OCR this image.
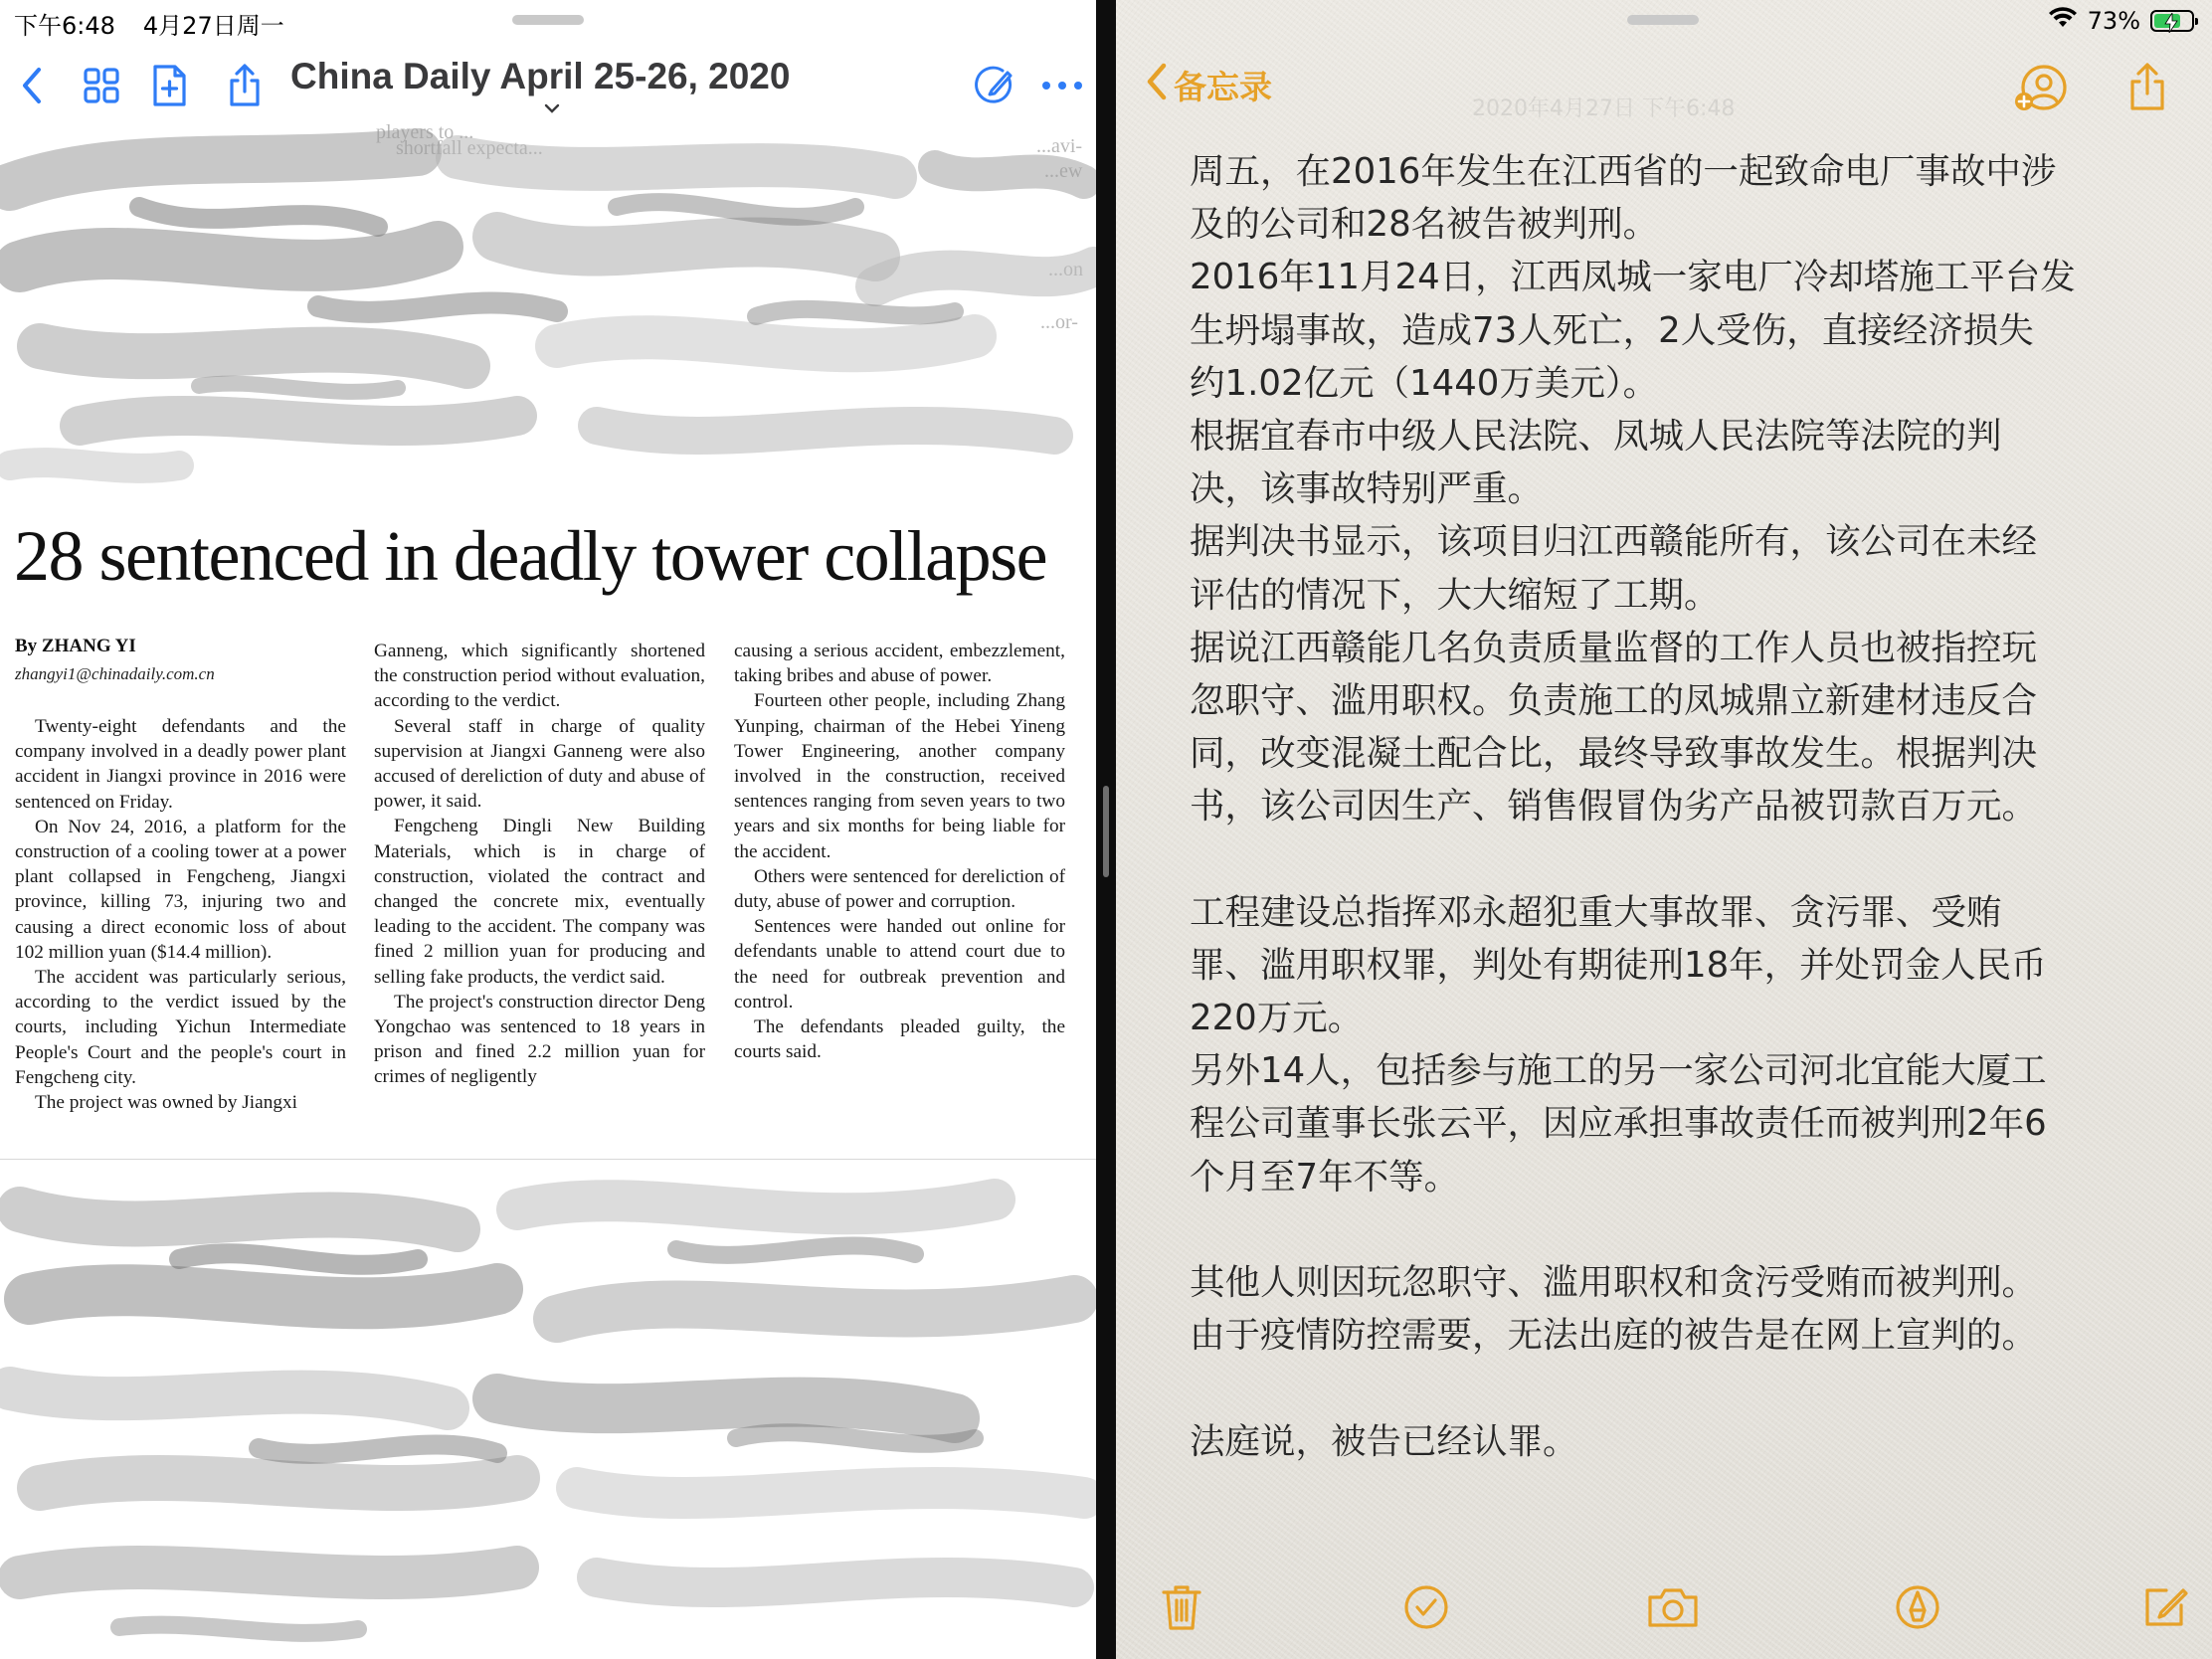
下午6:48 4月27日周一
China Daily April 25-26, 2020
players to ...
shortfall expecta...	...avi-
...ew
...on
...or-
28 sentenced in deadly tower collapse
By ZHANG YI
zhangyi1@chinadaily.com.cn

Twenty-eight defendants and the company involved in a deadly power plant accident in Jiangxi province in 2016 were sentenced on Friday.

On Nov 24, 2016, a platform for the construction of a cooling tower at a power plant collapsed in Fengcheng, Jiangxi province, killing 73, injuring two and causing a direct economic loss of about 102 million yuan ($14.4 million).

The accident was particularly serious, according to the verdict issued by the courts, including Yichun Intermediate People's Court and the people's court in Fengcheng city.

The project was owned by Jiangxi

Ganneng, which significantly shortened the construction period without evaluation, according to the verdict.

Several staff in charge of quality supervision at Jiangxi Ganneng were also accused of dereliction of duty and abuse of power, it said.

Fengcheng Dingli New Building Materials, which is in charge of construction, violated the contract and changed the concrete mix, eventually leading to the accident. The company was fined 2 million yuan for producing and selling fake products, the verdict said.

The project's construction director Deng Yongchao was sentenced to 18 years in prison and fined 2.2 million yuan for crimes of negligently

causing a serious accident, embezzlement, taking bribes and abuse of power.

Fourteen other people, including Zhang Yunping, chairman of the Hebei Yineng Tower Engineering, another company involved in the construction, received sentences ranging from seven years to two years and six months for being liable for the accident.

Others were sentenced for dereliction of duty, abuse of power and corruption.

Sentences were handed out online for defendants unable to attend court due to the need for outbreak prevention and control.

The defendants pleaded guilty, the courts said.

73%
备忘录
2020年4月27日 下午6:48
周五，在2016年发生在江西省的一起致命电厂事故中涉
及的公司和28名被告被判刑。
2016年11月24日，江西凤城一家电厂冷却塔施工平台发
生坍塌事故，造成73人死亡，2人受伤，直接经济损失
约1.02亿元（1440万美元）。
根据宜春市中级人民法院、凤城人民法院等法院的判
决，该事故特别严重。
据判决书显示，该项目归江西赣能所有，该公司在未经
评估的情况下，大大缩短了工期。
据说江西赣能几名负责质量监督的工作人员也被指控玩
忽职守、滥用职权。负责施工的凤城鼎立新建材违反合
同，改变混凝土配合比，最终导致事故发生。根据判决
书，该公司因生产、销售假冒伪劣产品被罚款百万元。
工程建设总指挥邓永超犯重大事故罪、贪污罪、受贿
罪、滥用职权罪，判处有期徒刑18年，并处罚金人民币
220万元。
另外14人，包括参与施工的另一家公司河北宜能大厦工
程公司董事长张云平，因应承担事故责任而被判刑2年6
个月至7年不等。
其他人则因玩忽职守、滥用职权和贪污受贿而被判刑。
由于疫情防控需要，无法出庭的被告是在网上宣判的。
法庭说，被告已经认罪。
